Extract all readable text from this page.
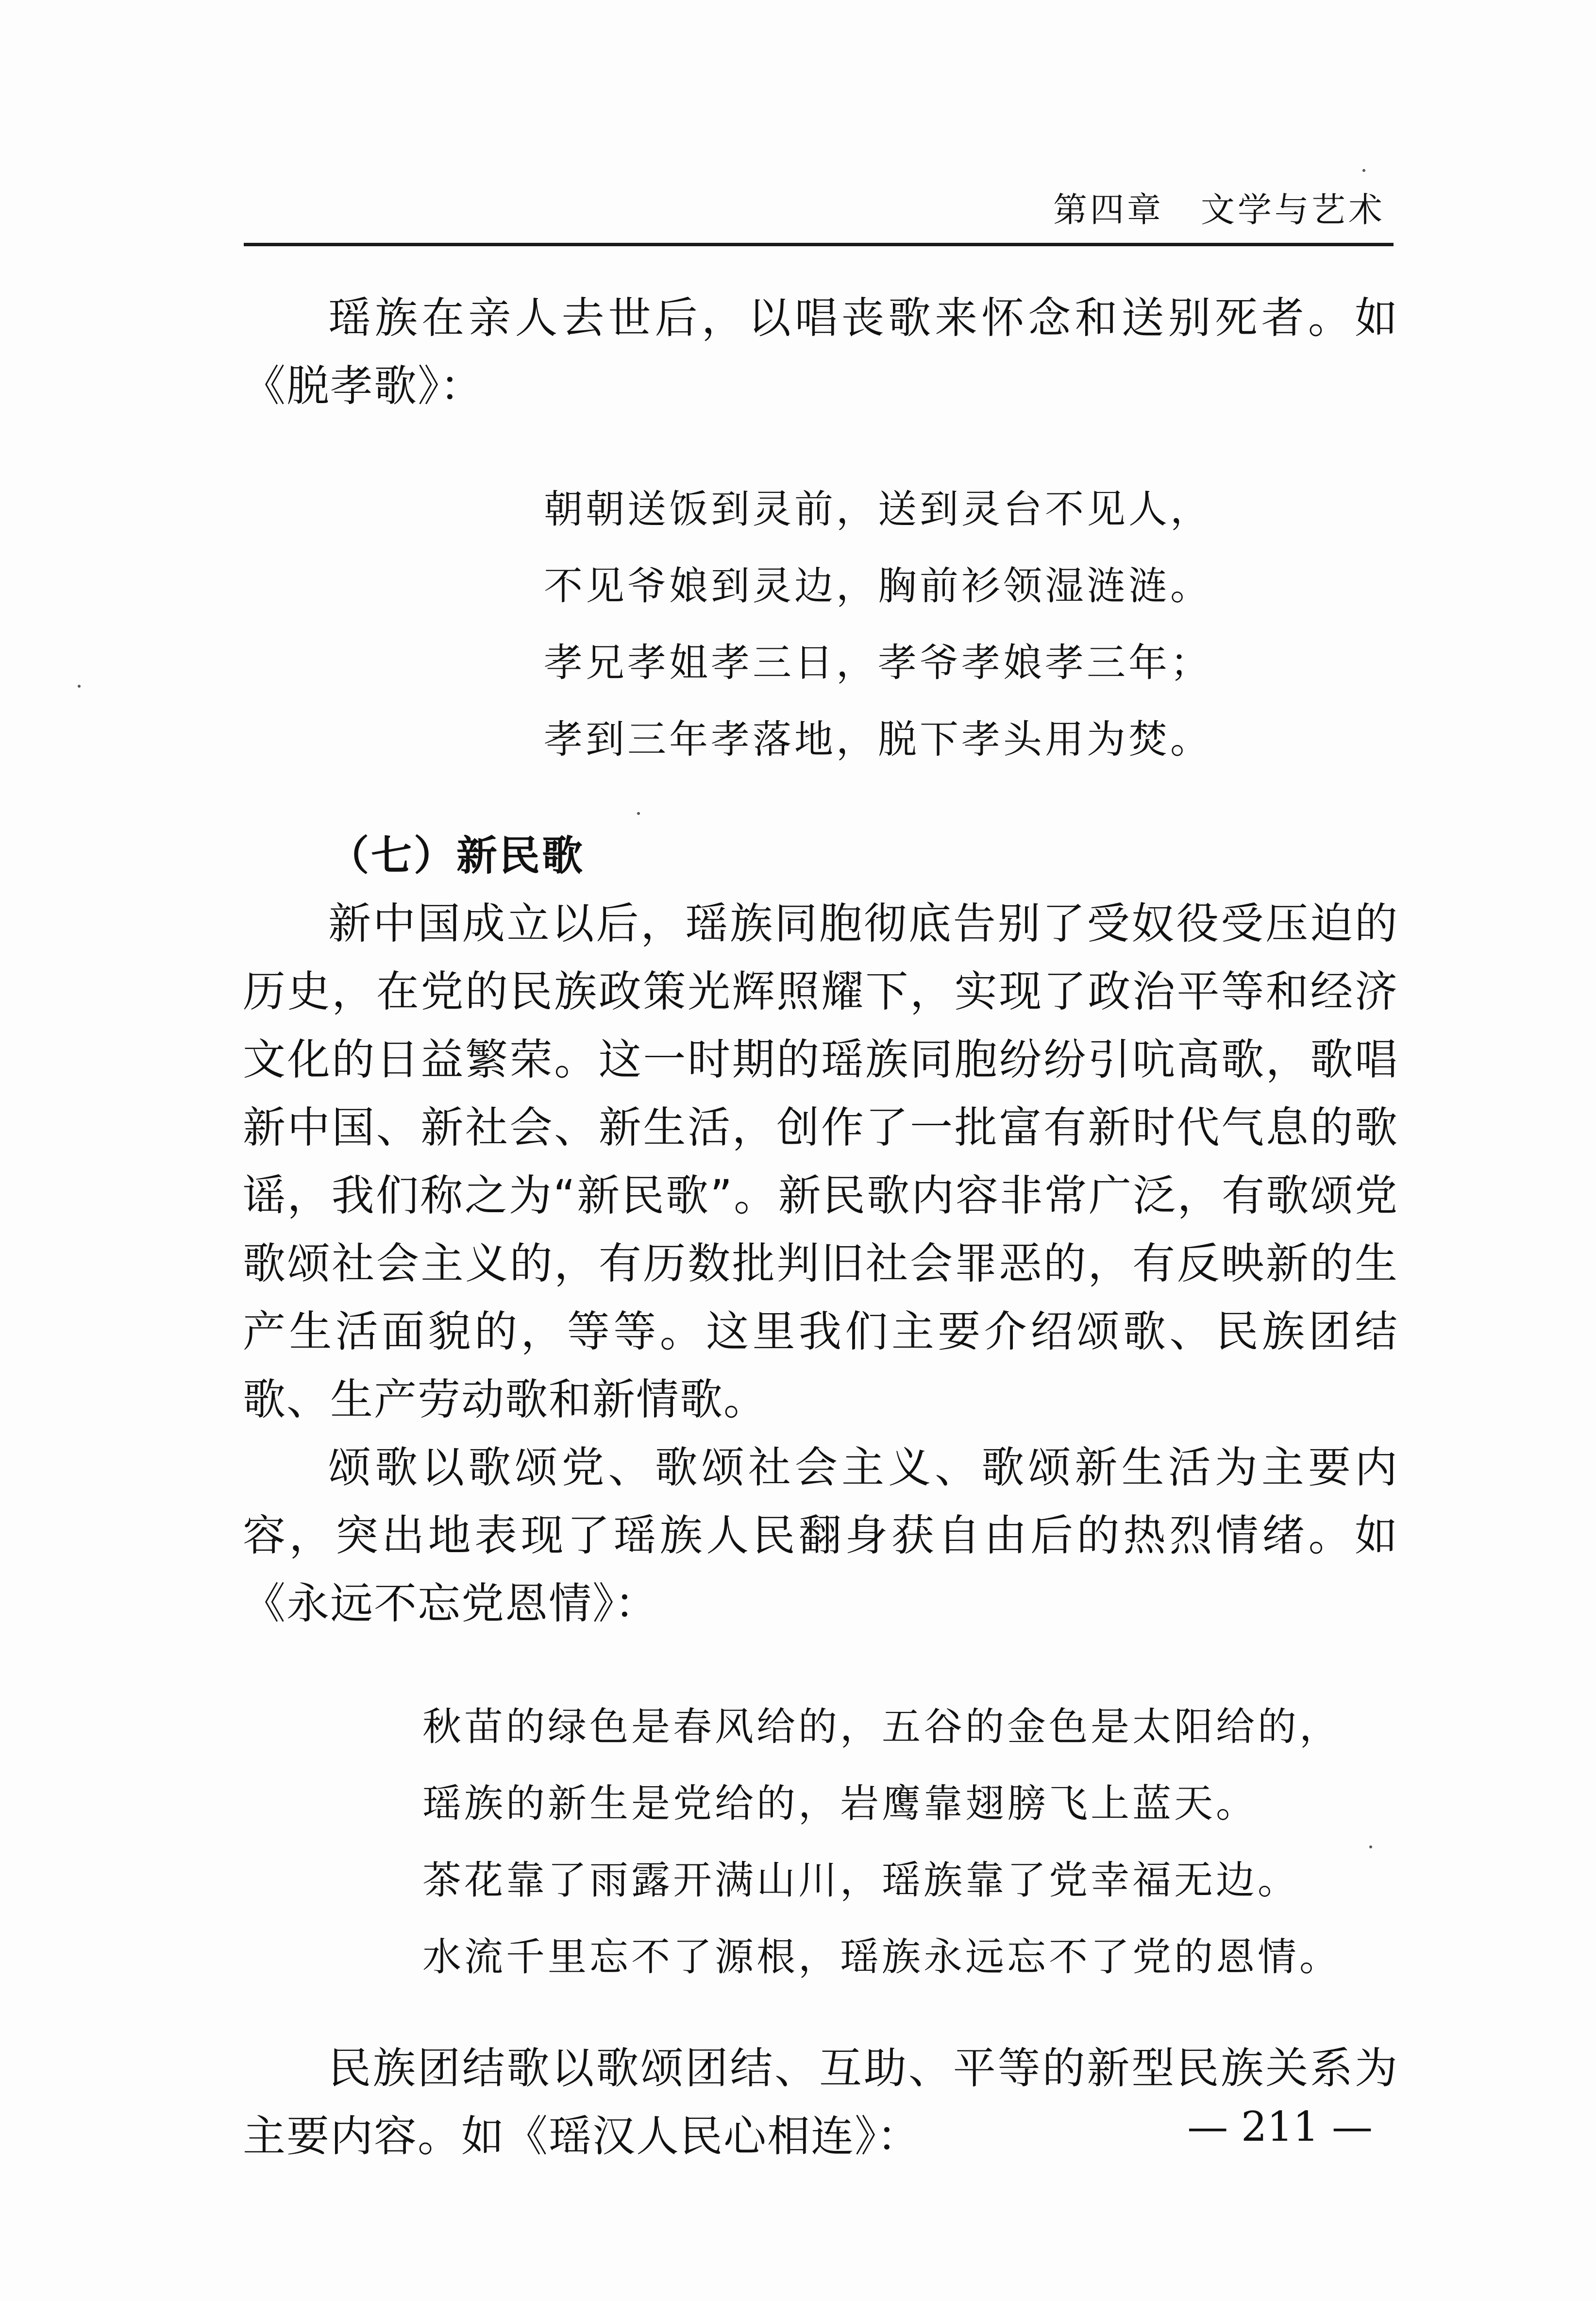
第四章　文学与艺术

瑶族在亲人去世后，以唱丧歌来怀念和送别死者。如《脱孝歌》：

朝朝送饭到灵前，送到灵台不见人，
不见爷娘到灵边，胸前衫领湿涟涟。
孝兄孝姐孝三日，孝爷孝娘孝三年；
孝到三年孝落地，脱下孝头用为焚。

（七）新民歌

新中国成立以后，瑶族同胞彻底告别了受奴役受压迫的历史，在党的民族政策光辉照耀下，实现了政治平等和经济文化的日益繁荣。这一时期的瑶族同胞纷纷引吭高歌，歌唱新中国、新社会、新生活，创作了一批富有新时代气息的歌谣，我们称之为“新民歌”。新民歌内容非常广泛，有歌颂党歌颂社会主义的，有历数批判旧社会罪恶的，有反映新的生产生活面貌的，等等。这里我们主要介绍颂歌、民族团结歌、生产劳动歌和新情歌。

颂歌以歌颂党、歌颂社会主义、歌颂新生活为主要内容，突出地表现了瑶族人民翻身获自由后的热烈情绪。如《永远不忘党恩情》：

秋苗的绿色是春风给的，五谷的金色是太阳给的，
瑶族的新生是党给的，岩鹰靠翅膀飞上蓝天。
茶花靠了雨露开满山川，瑶族靠了党幸福无边。
水流千里忘不了源根，瑶族永远忘不了党的恩情。

民族团结歌以歌颂团结、互助、平等的新型民族关系为主要内容。如《瑶汉人民心相连》：	— 211 —
